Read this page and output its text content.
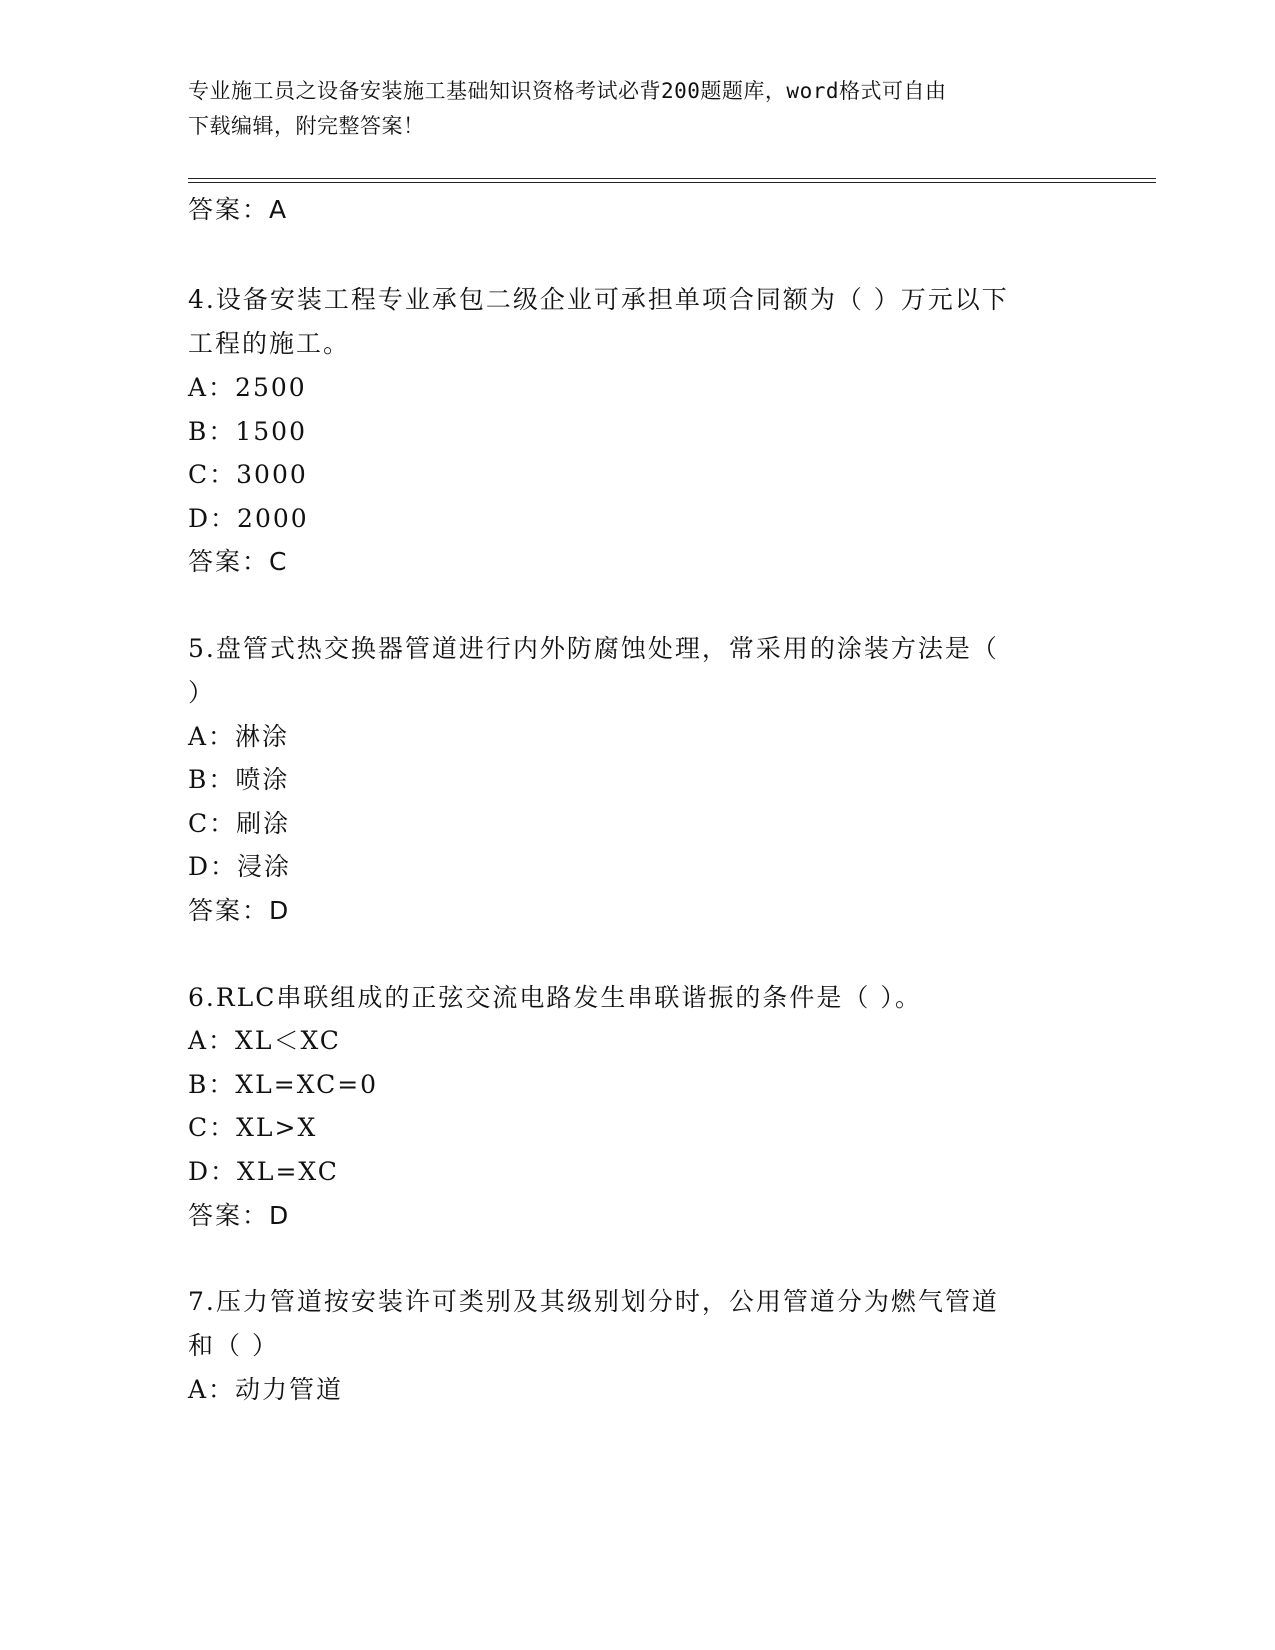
专业施工员之设备安装施工基础知识资格考试必背200题题库，word格式可自由
下载编辑，附完整答案！
答案：A
4.设备安装工程专业承包二级企业可承担单项合同额为（ ）万元以下
工程的施工。
A：2500
B：1500
C：3000
D：2000
答案：C
5.盘管式热交换器管道进行内外防腐蚀处理，常采用的涂装方法是（
）
A：淋涂
B：喷涂
C：刷涂
D：浸涂
答案：D
6.RLC串联组成的正弦交流电路发生串联谐振的条件是（ ）。
A：XL＜XC
B：XL=XC=0
C：XL>X
D：XL=XC
答案：D
7.压力管道按安装许可类别及其级别划分时，公用管道分为燃气管道
和（ ）
A：动力管道
